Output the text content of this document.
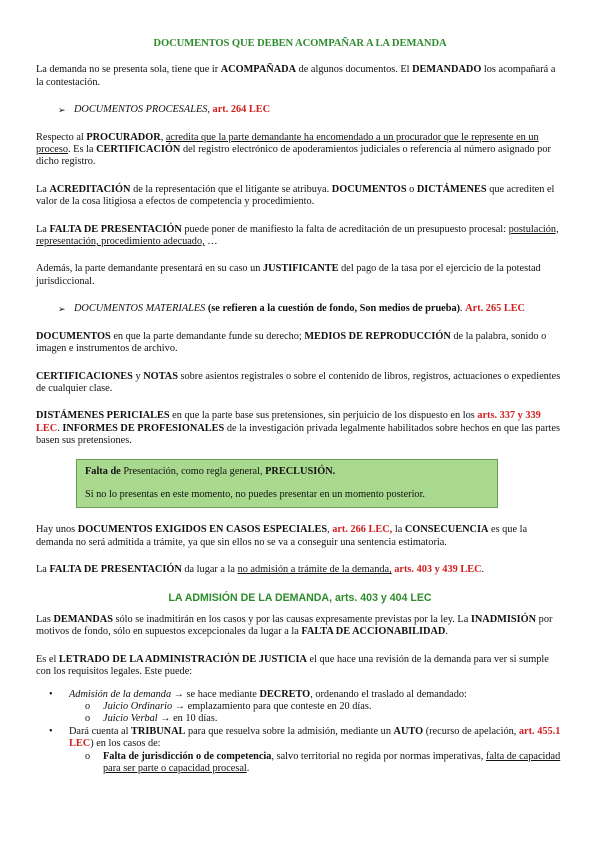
DOCUMENTOS QUE DEBEN ACOMPAÑAR A LA DEMANDA

La demanda no se presenta sola, tiene que ir ACOMPAÑADA de algunos documentos. El DEMANDADO los acompañará a la contestación.

➢ DOCUMENTOS PROCESALES, art. 264 LEC

Respecto al PROCURADOR, acredita que la parte demandante ha encomendado a un procurador que le represente en un proceso. Es la CERTIFICACIÓN del registro electrónico de apoderamientos judiciales o referencia al número asignado por dicho registro.

La ACREDITACIÓN de la representación que el litigante se atribuya. DOCUMENTOS o DICTÁMENES que acrediten el valor de la cosa litigiosa a efectos de competencia y procedimiento.

La FALTA DE PRESENTACIÓN puede poner de manifiesto la falta de acreditación de un presupuesto procesal: postulación, representación, procedimiento adecuado, …

Además, la parte demandante presentará en su caso un JUSTIFICANTE del pago de la tasa por el ejercicio de la potestad jurisdiccional.

➢ DOCUMENTOS MATERIALES (se refieren a la cuestión de fondo, Son medios de prueba). Art. 265 LEC

DOCUMENTOS en que la parte demandante funde su derecho; MEDIOS DE REPRODUCCIÓN de la palabra, sonido o imagen e instrumentos de archivo.

CERTIFICACIONES y NOTAS sobre asientos registrales o sobre el contenido de libros, registros, actuaciones o expedientes de cualquier clase.

DISTÁMENES PERICIALES en que la parte base sus pretensiones, sin perjuicio de los dispuesto en los arts. 337 y 339 LEC. INFORMES DE PROFESIONALES de la investigación privada legalmente habilitados sobre hechos en que las partes basen sus pretensiones.

Falta de Presentación, como regla general, PRECLUSIÓN.
Si no lo presentas en este momento, no puedes presentar en un momento posterior.

Hay unos DOCUMENTOS EXIGIDOS EN CASOS ESPECIALES, art. 266 LEC, la CONSECUENCIA es que la demanda no será admitida a trámite, ya que sin ellos no se va a conseguir una sentencia estimatoria.

La FALTA DE PRESENTACIÓN da lugar a la no admisión a trámite de la demanda, arts. 403 y 439 LEC.

LA ADMISIÓN DE LA DEMANDA, arts. 403 y 404 LEC

Las DEMANDAS sólo se inadmitirán en los casos y por las causas expresamente previstas por la ley. La INADMISIÓN por motivos de fondo, sólo en supuestos excepcionales da lugar a la FALTA DE ACCIONABILIDAD.

Es el LETRADO DE LA ADMINISTRACIÓN DE JUSTICIA el que hace una revisión de la demanda para ver si sumple con los requisitos legales. Este puede:

• Admisión de la demanda → se hace mediante DECRETO, ordenando el traslado al demandado:
o Juicio Ordinario → emplazamiento para que conteste en 20 días.
o Juicio Verbal → en 10 días.
• Dará cuenta al TRIBUNAL para que resuelva sobre la admisión, mediante un AUTO (recurso de apelación, art. 455.1 LEC) en los casos de:
o Falta de jurisdicción o de competencia, salvo territorial no regida por normas imperativas, falta de capacidad para ser parte o capacidad procesal.
